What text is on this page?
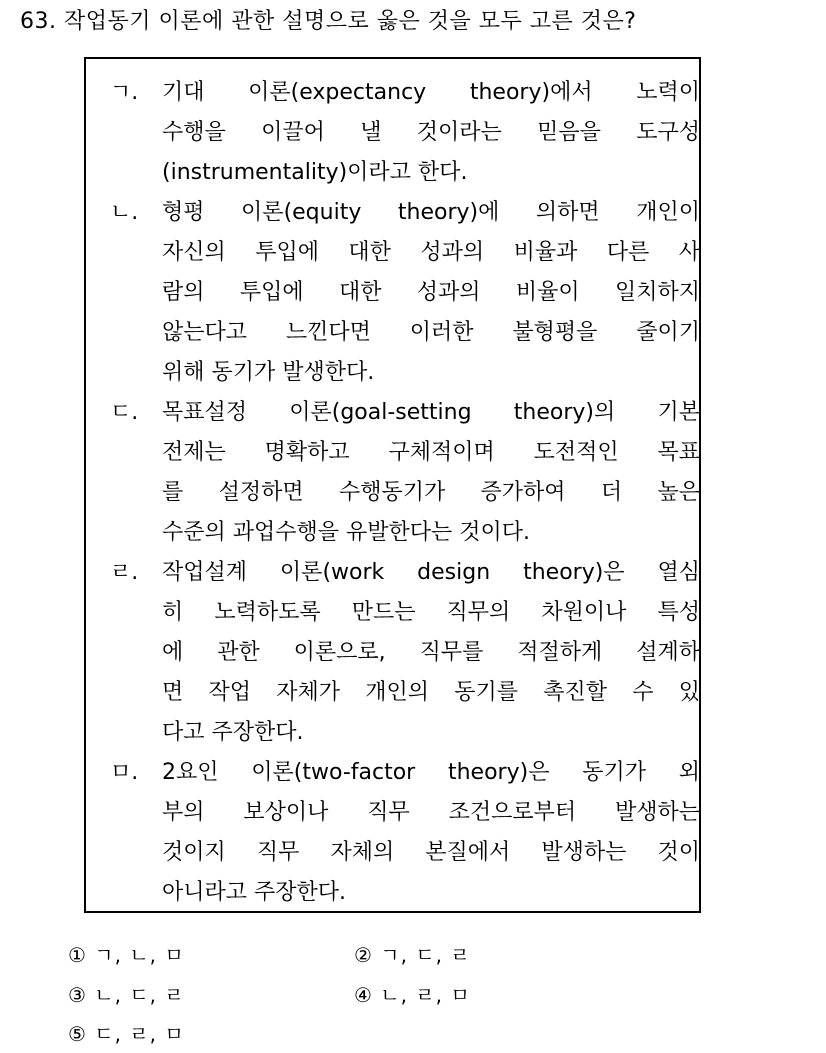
63. 작업동기 이론에 관한 설명으로 옳은 것을 모두 고른 것은?
ㄱ. 기대 이론(expectancy theory)에서 노력이
수행을 이끌어 낼 것이라는 믿음을 도구성
(instrumentality)이라고 한다.
ㄴ. 형평 이론(equity theory)에 의하면 개인이
자신의 투입에 대한 성과의 비율과 다른 사
람의 투입에 대한 성과의 비율이 일치하지
않는다고 느낀다면 이러한 불형평을 줄이기
위해 동기가 발생한다.
ㄷ. 목표설정 이론(goal-setting theory)의 기본
전제는 명확하고 구체적이며 도전적인 목표
를 설정하면 수행동기가 증가하여 더 높은
수준의 과업수행을 유발한다는 것이다.
ㄹ. 작업설계 이론(work design theory)은 열심
히 노력하도록 만드는 직무의 차원이나 특성
에 관한 이론으로, 직무를 적절하게 설계하
면 작업 자체가 개인의 동기를 촉진할 수 있
다고 주장한다.
ㅁ. 2요인 이론(two-factor theory)은 동기가 외
부의 보상이나 직무 조건으로부터 발생하는
것이지 직무 자체의 본질에서 발생하는 것이
아니라고 주장한다.
① ㄱ, ㄴ, ㅁ	② ㄱ, ㄷ, ㄹ
③ ㄴ, ㄷ, ㄹ	④ ㄴ, ㄹ, ㅁ
⑤ ㄷ, ㄹ, ㅁ
